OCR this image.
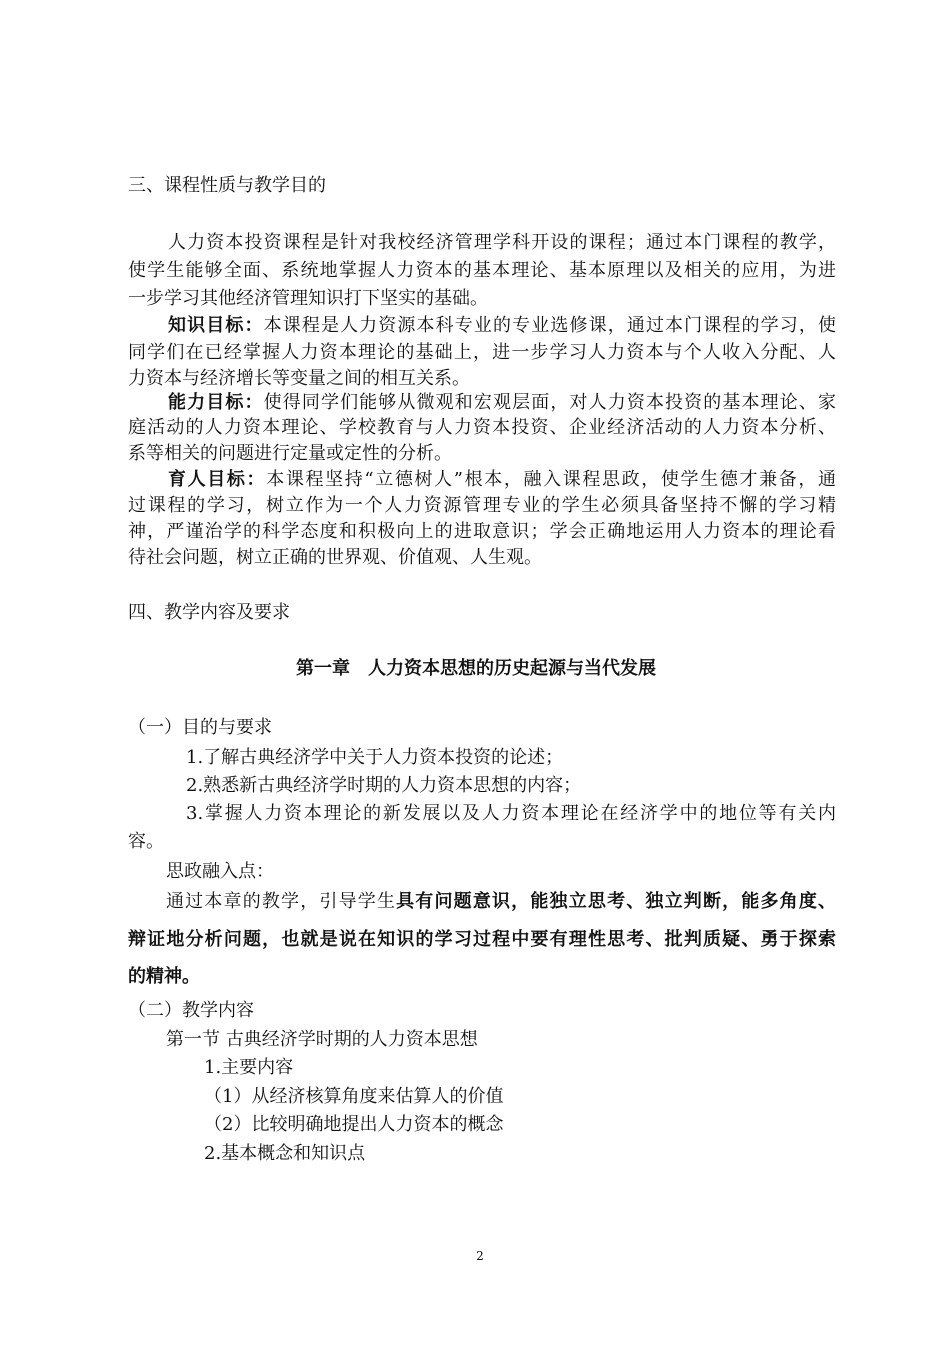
三、课程性质与教学目的
人力资本投资课程是针对我校经济管理学科开设的课程；通过本门课程的教学，
使学生能够全面、系统地掌握人力资本的基本理论、基本原理以及相关的应用，为进
一步学习其他经济管理知识打下坚实的基础。
知识目标：本课程是人力资源本科专业的专业选修课，通过本门课程的学习，使
同学们在已经掌握人力资本理论的基础上，进一步学习人力资本与个人收入分配、人
力资本与经济增长等变量之间的相互关系。
能力目标：使得同学们能够从微观和宏观层面，对人力资本投资的基本理论、家
庭活动的人力资本理论、学校教育与人力资本投资、企业经济活动的人力资本分析、
系等相关的问题进行定量或定性的分析。
育人目标：本课程坚持“立德树人”根本，融入课程思政，使学生德才兼备，通
过课程的学习，树立作为一个人力资源管理专业的学生必须具备坚持不懈的学习精
神，严谨治学的科学态度和积极向上的进取意识；学会正确地运用人力资本的理论看
待社会问题，树立正确的世界观、价值观、人生观。
四、教学内容及要求
第一章　人力资本思想的历史起源与当代发展
（一）目的与要求
1.了解古典经济学中关于人力资本投资的论述；
2.熟悉新古典经济学时期的人力资本思想的内容；
3.掌握人力资本理论的新发展以及人力资本理论在经济学中的地位等有关内
容。
思政融入点：
通过本章的教学，引导学生具有问题意识，能独立思考、独立判断，能多角度、
辩证地分析问题，也就是说在知识的学习过程中要有理性思考、批判质疑、勇于探索
的精神。
（二）教学内容
第一节 古典经济学时期的人力资本思想
1.主要内容
（1）从经济核算角度来估算人的价值
（2）比较明确地提出人力资本的概念
2.基本概念和知识点
2
